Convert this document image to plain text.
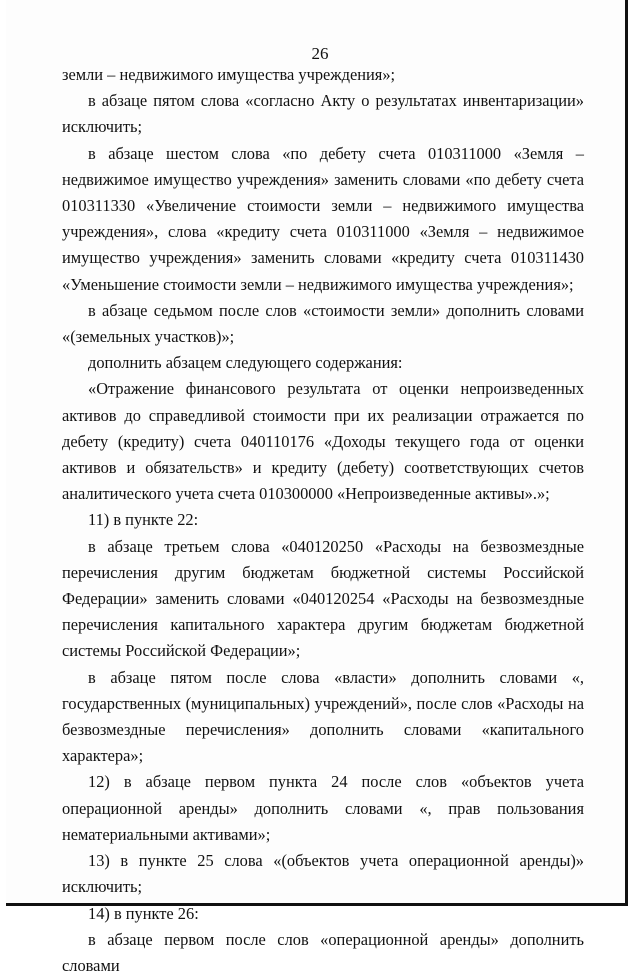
26

земли – недвижимого имущества учреждения»;

в абзаце пятом слова «согласно Акту о результатах инвентаризации» исключить;

в абзаце шестом слова «по дебету счета 010311000 «Земля – недвижимое имущество учреждения» заменить словами «по дебету счета 010311330 «Увеличение стоимости земли – недвижимого имущества учреждения», слова «кредиту счета 010311000 «Земля – недвижимое имущество учреждения» заменить словами «кредиту счета 010311430 «Уменьшение стоимости земли – недвижимого имущества учреждения»;

в абзаце седьмом после слов «стоимости земли» дополнить словами «(земельных участков)»;

дополнить абзацем следующего содержания:

«Отражение финансового результата от оценки непроизведенных активов до справедливой стоимости при их реализации отражается по дебету (кредиту) счета 040110176 «Доходы текущего года от оценки активов и обязательств» и кредиту (дебету) соответствующих счетов аналитического учета счета 010300000 «Непроизведенные активы».»;

11) в пункте 22:

в абзаце третьем слова «040120250 «Расходы на безвозмездные перечисления другим бюджетам бюджетной системы Российской Федерации» заменить словами «040120254 «Расходы на безвозмездные перечисления капитального характера другим бюджетам бюджетной системы Российской Федерации»;

в абзаце пятом после слова «власти» дополнить словами «, государственных (муниципальных) учреждений», после слов «Расходы на безвозмездные перечисления» дополнить словами «капитального характера»;

12) в абзаце первом пункта 24 после слов «объектов учета операционной аренды» дополнить словами «, прав пользования нематериальными активами»;

13) в пункте 25 слова «(объектов учета операционной аренды)» исключить;

14) в пункте 26:

в абзаце первом после слов «операционной аренды» дополнить словами
